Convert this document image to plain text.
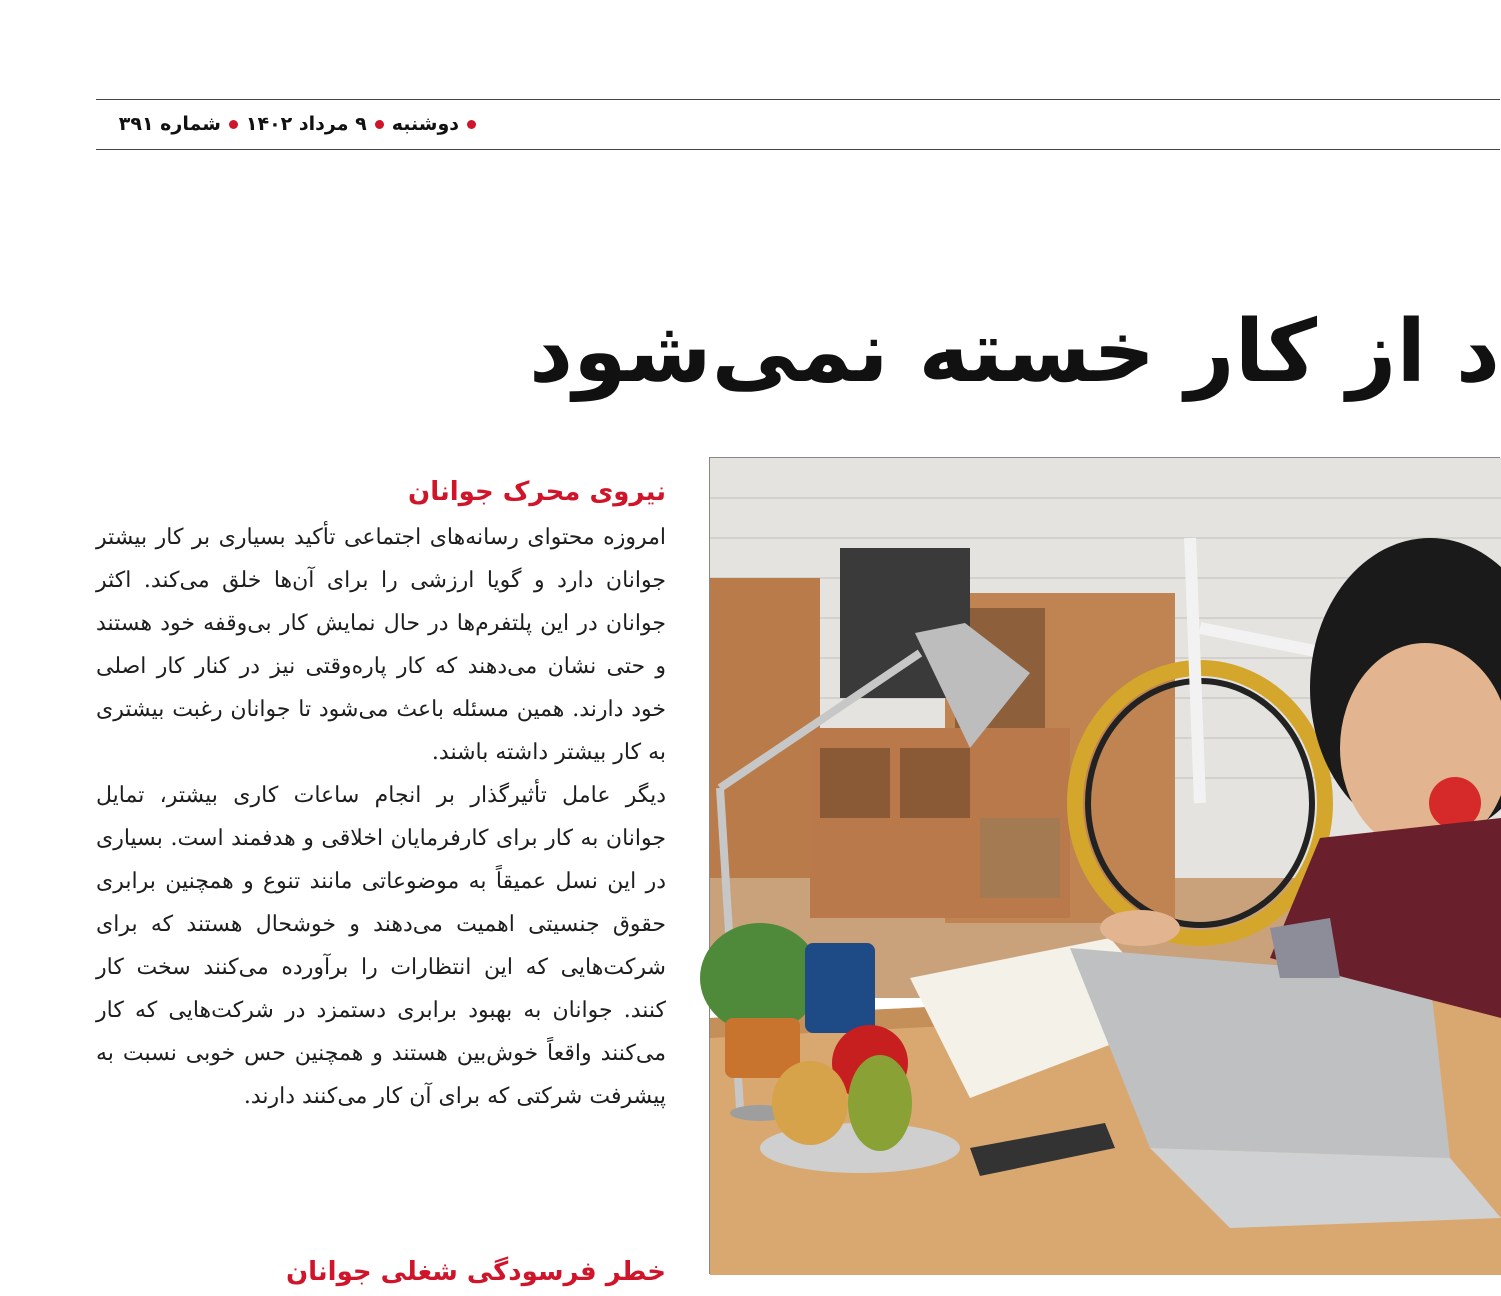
دوشنبه
۹ مرداد ۱۴۰۲
شماره ۳۹۱
د از کار خسته نمی‌شود
نیروی محرک جوانان

امروزه محتوای رسانه‌های اجتماعی تأکید بسیاری بر کار بیشتر جوانان دارد و گویا ارزشی را برای آن‌ها خلق می‌کند. اکثر جوانان در این پلتفرم‌ها در حال نمایش کار بی‌وقفه خود هستند و حتی نشان می‌دهند که کار پاره‌وقتی نیز در کنار کار اصلی خود دارند. همین مسئله باعث می‌شود تا جوانان رغبت بیشتری به کار بیشتر داشته باشند.

دیگر عامل تأثیرگذار بر انجام ساعات کاری بیشتر، تمایل جوانان به کار برای کارفرمایان اخلاقی و هدفمند است. بسیاری در این نسل عمیقاً به موضوعاتی مانند تنوع و همچنین برابری حقوق جنسیتی اهمیت می‌دهند و خوشحال هستند که برای شرکت‌هایی که این انتظارات را برآورده می‌کنند سخت کار کنند. جوانان به بهبود برابری دستمزد در شرکت‌هایی که کار می‌کنند واقعاً خوش‌بین هستند و همچنین حس خوبی نسبت به پیشرفت شرکتی که برای آن کار می‌کنند دارند.

خطر فرسودگی شغلی جوانان
